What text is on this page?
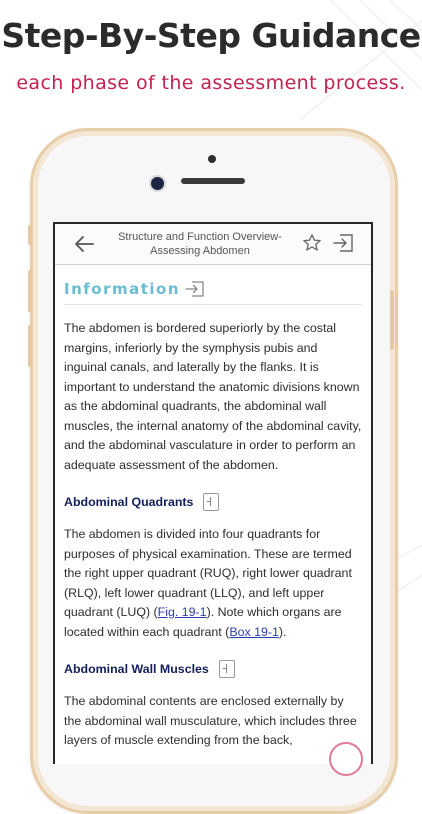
Step-By-Step Guidance
each phase of the assessment process.
Structure and Function Overview-
Assessing Abdomen
Information

The abdomen is bordered superiorly by the costal margins, inferiorly by the symphysis pubis and inguinal canals, and laterally by the flanks. It is important to understand the anatomic divisions known as the abdominal quadrants, the abdominal wall muscles, the internal anatomy of the abdominal cavity, and the abdominal vasculature in order to perform an adequate assessment of the abdomen.

Abdominal Quadrants

The abdomen is divided into four quadrants for purposes of physical examination. These are termed the right upper quadrant (RUQ), right lower quadrant (RLQ), left lower quadrant (LLQ), and left upper quadrant (LUQ) (Fig. 19-1). Note which organs are located within each quadrant (Box 19-1).

Abdominal Wall Muscles

The abdominal contents are enclosed externally by the abdominal wall musculature, which includes three layers of muscle extending from the back,
